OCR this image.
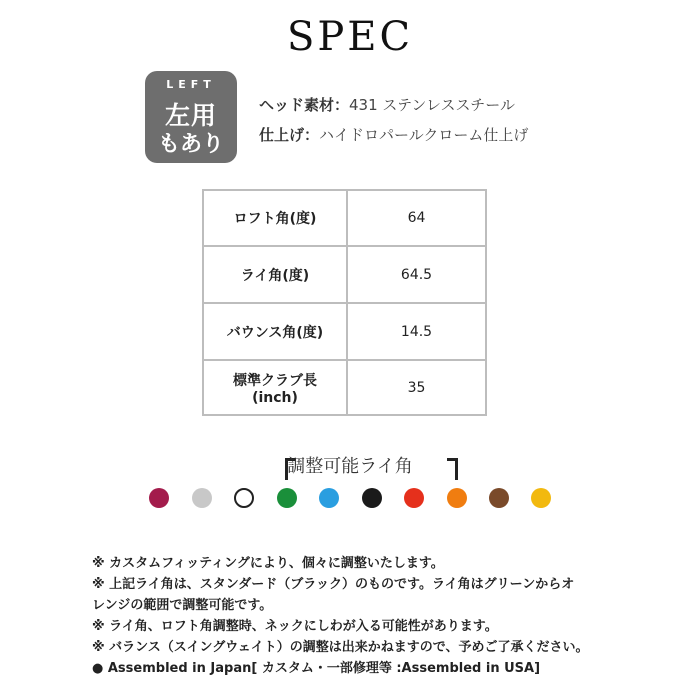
SPEC
LEFT
左用
もあり
ヘッド素材：431 ステンレススチール
仕上げ：ハイドロパールクローム仕上げ
ロフト角(度)	64
ライ角(度)	64.5
バウンス角(度)	14.5

標準クラブ長
(inch)	35
調整可能ライ角
※ カスタムフィッティングにより、個々に調整いたします。
※ 上記ライ角は、スタンダード（ブラック）のものです。ライ角はグリーンからオ
レンジの範囲で調整可能です。
※ ライ角、ロフト角調整時、ネックにしわが入る可能性があります。
※ バランス（スイングウェイト）の調整は出来かねますので、予めご了承ください。
● Assembled in Japan[ カスタム・一部修理等 :Assembled in USA]
